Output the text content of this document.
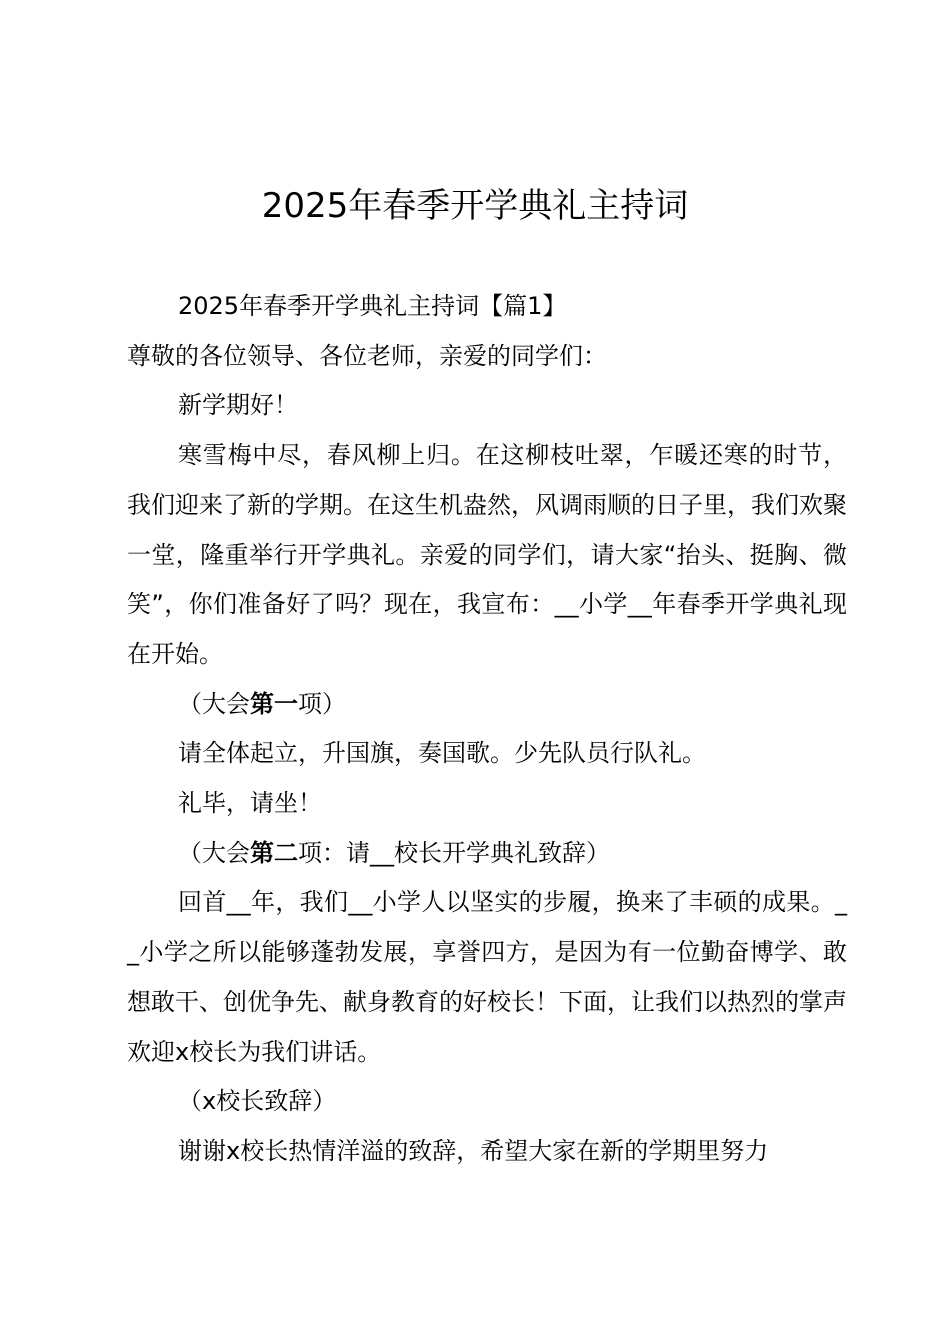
2025年春季开学典礼主持词

2025年春季开学典礼主持词【篇1】

尊敬的各位领导、各位老师，亲爱的同学们：

新学期好！

寒雪梅中尽，春风柳上归。在这柳枝吐翠，乍暖还寒的时节，我们迎来了新的学期。在这生机盎然，风调雨顺的日子里，我们欢聚一堂，隆重举行开学典礼。亲爱的同学们，请大家“抬头、挺胸、微笑”，你们准备好了吗？现在，我宣布：__小学__年春季开学典礼现在开始。

（大会第一项）

请全体起立，升国旗，奏国歌。少先队员行队礼。

礼毕，请坐！

（大会第二项：请__校长开学典礼致辞）

回首__年，我们__小学人以坚实的步履，换来了丰硕的成果。__小学之所以能够蓬勃发展，享誉四方，是因为有一位勤奋博学、敢想敢干、创优争先、献身教育的好校长！下面，让我们以热烈的掌声欢迎x校长为我们讲话。

（x校长致辞）

谢谢x校长热情洋溢的致辞，希望大家在新的学期里努力
